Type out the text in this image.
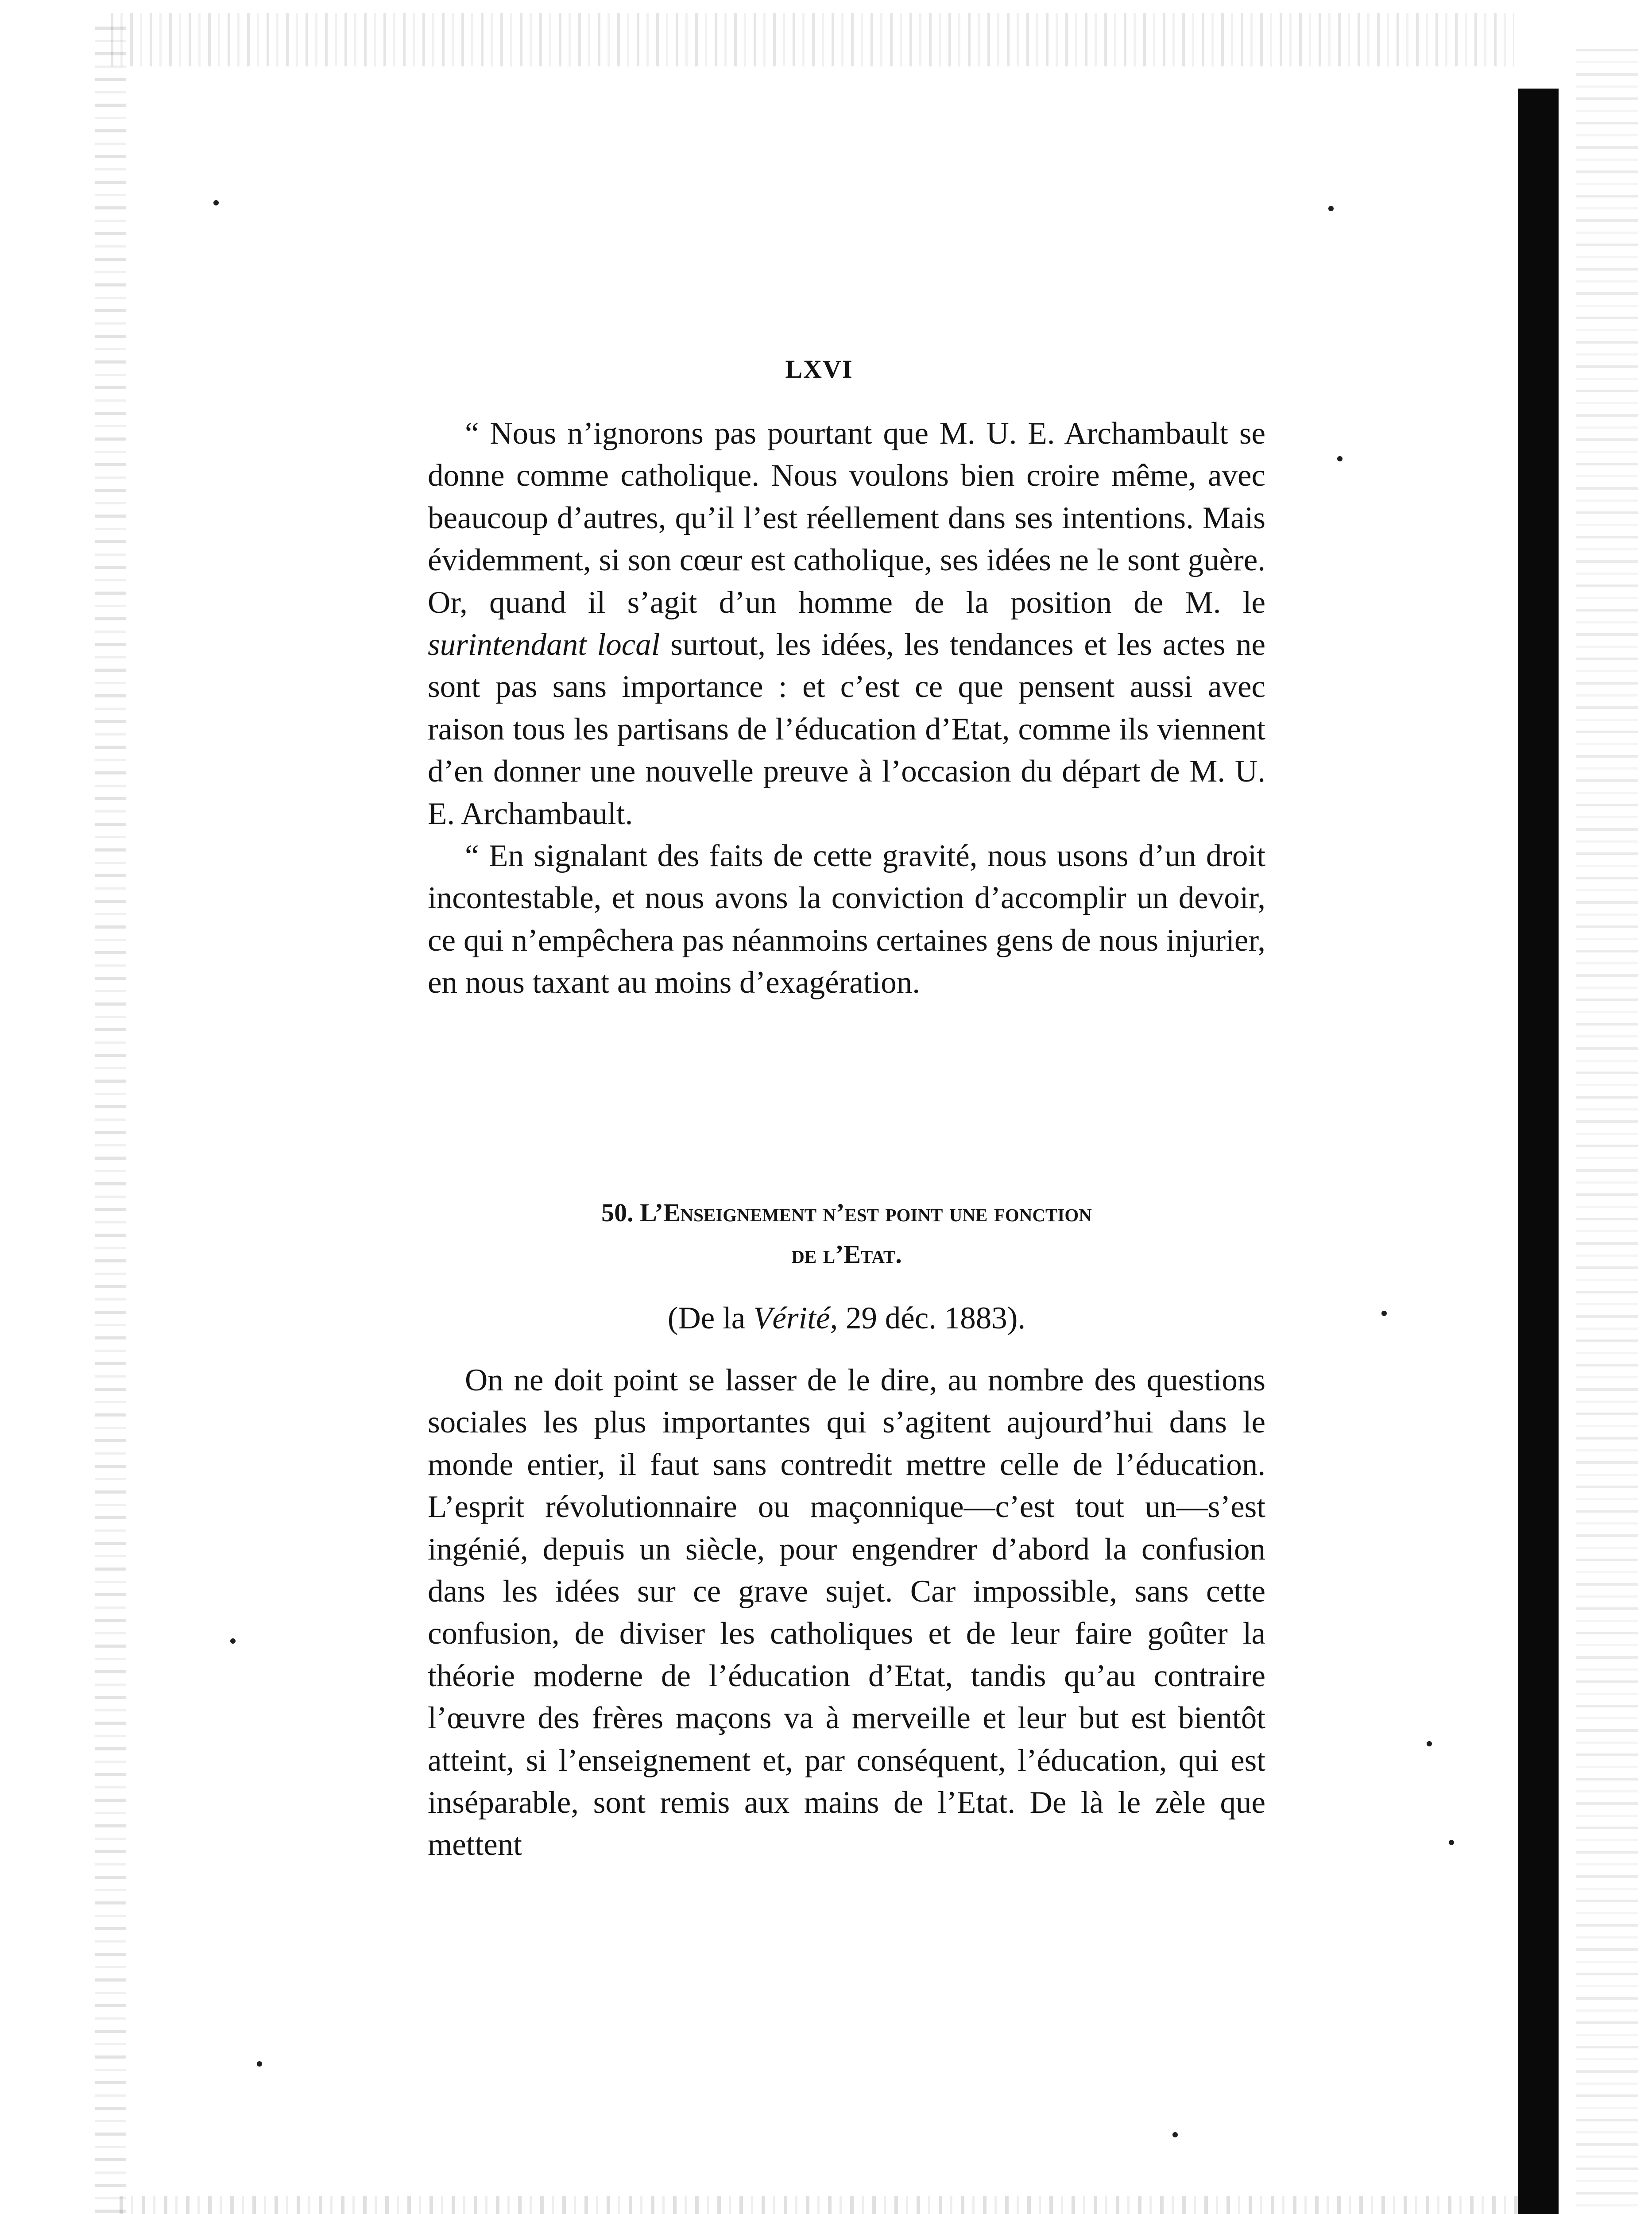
LXVI

“ Nous n’ignorons pas pourtant que M. U. E. Archambault se donne comme catholique. Nous voulons bien croire même, avec beaucoup d’autres, qu’il l’est réellement dans ses intentions. Mais évidemment, si son cœur est catholique, ses idées ne le sont guère. Or, quand il s’agit d’un homme de la position de M. le surintendant local surtout, les idées, les tendances et les actes ne sont pas sans importance : et c’est ce que pensent aussi avec raison tous les partisans de l’éducation d’Etat, comme ils viennent d’en donner une nouvelle preuve à l’occasion du départ de M. U. E. Archambault.

“ En signalant des faits de cette gravité, nous usons d’un droit incontestable, et nous avons la conviction d’accomplir un devoir, ce qui n’empêchera pas néanmoins certaines gens de nous injurier, en nous taxant au moins d’exagération.

50. L’Enseignement n’est point une fonction
de l’Etat.

(De la Vérité, 29 déc. 1883).

On ne doit point se lasser de le dire, au nombre des questions sociales les plus importantes qui s’agitent aujourd’hui dans le monde entier, il faut sans contredit mettre celle de l’éducation. L’esprit révolutionnaire ou maçonnique—c’est tout un—s’est ingénié, depuis un siècle, pour engendrer d’abord la confusion dans les idées sur ce grave sujet. Car impossible, sans cette confusion, de diviser les catholiques et de leur faire goûter la théorie moderne de l’éducation d’Etat, tandis qu’au contraire l’œuvre des frères maçons va à merveille et leur but est bientôt atteint, si l’enseignement et, par conséquent, l’éducation, qui est inséparable, sont remis aux mains de l’Etat. De là le zèle que mettent
